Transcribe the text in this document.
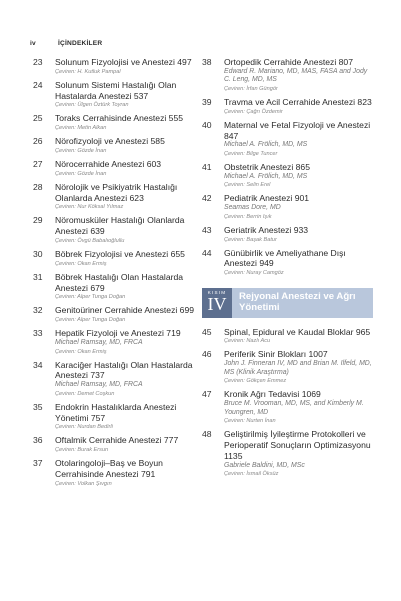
iv	İÇİNDEKİLER
23 Solunum Fizyolojisi ve Anestezi 497
Çeviren: H. Kutluk Pampal
24 Solunum Sistemi Hastalığı Olan Hastalarda Anestezi 537
Çeviren: Ülgen Öztürk Toyran
25 Toraks Cerrahisinde Anestezi 555
Çeviren: Metin Alkan
26 Nörofizyoloji ve Anestezi 585
Çeviren: Gözde İnan
27 Nörocerrahide Anestezi 603
Çeviren: Gözde İnan
28 Nörolojik ve Psikiyatrik Hastalığı Olanlarda Anestezi 623
Çeviren: Nur Köksal Yılmaz
29 Nöromusküler Hastalığı Olanlarda Anestezi 639
Çeviren: Övgü Babalıoğlullu
30 Böbrek Fizyolojisi ve Anestezi 655
Çeviren: Okan Ermiş
31 Böbrek Hastalığı Olan Hastalarda Anestezi 679
Çeviren: Alper Tunga Doğan
32 Genitoüriner Cerrahide Anestezi 699
Çeviren: Alper Tunga Doğan
33 Hepatik Fizyoloji ve Anestezi 719
Michael Ramsay, MD, FRCA
Çeviren: Okan Ermiş
34 Karaciğer Hastalığı Olan Hastalarda Anestezi 737
Michael Ramsay, MD, FRCA
Çeviren: Demet Coşkun
35 Endokrin Hastalıklarda Anestezi Yönetimi 757
Çeviren: Nurdan Bedirli
36 Oftalmik Cerrahide Anestezi 777
Çeviren: Burak Ersun
37 Otolaringoloji–Baş ve Boyun Cerrahisinde Anestezi 791
Çeviren: Volkan Şıvgın
38 Ortopedik Cerrahide Anestezi 807
Edward R. Mariano, MD, MAS, FASA and Jody C. Leng, MD, MS
Çeviren: İrfan Güngör
39 Travma ve Acil Cerrahide Anestezi 823
Çeviren: Çağrı Özdemir
40 Maternal ve Fetal Fizyoloji ve Anestezi 847
Michael A. Frölich, MD, MS
Çeviren: Bilge Tuncer
41 Obstetrik Anestezi 865
Michael A. Frölich, MD, MS
Çeviren: Selin Erel
42 Pediatrik Anestezi 901
Seamas Dore, MD
Çeviren: Berrin Işık
43 Geriatrik Anestezi 933
Çeviren: Başak Batur
44 Günübirlik ve Ameliyathane Dışı Anestezi 949
Çeviren: Nuray Camgöz
KISIM
IV	Rejyonal Anestezi ve Ağrı Yönetimi
45 Spinal, Epidural ve Kaudal Bloklar 965
Çeviren: Nazlı Acu
46 Periferik Sinir Blokları 1007
John J. Finneran IV, MD and Brian M. Ilfeld, MD, MS (Klinik Araştırma)
Çeviren: Gökçen Emmez
47 Kronik Ağrı Tedavisi 1069
Bruce M. Vrooman, MD, MS, and Kimberly M. Youngren, MD
Çeviren: Nurten İnan
48 Geliştirilmiş İyileştirme Protokolleri ve Perioperatif Sonuçların Optimizasyonu 1135
Gabriele Baldini, MD, MSc
Çeviren: İsmail Öksüz
